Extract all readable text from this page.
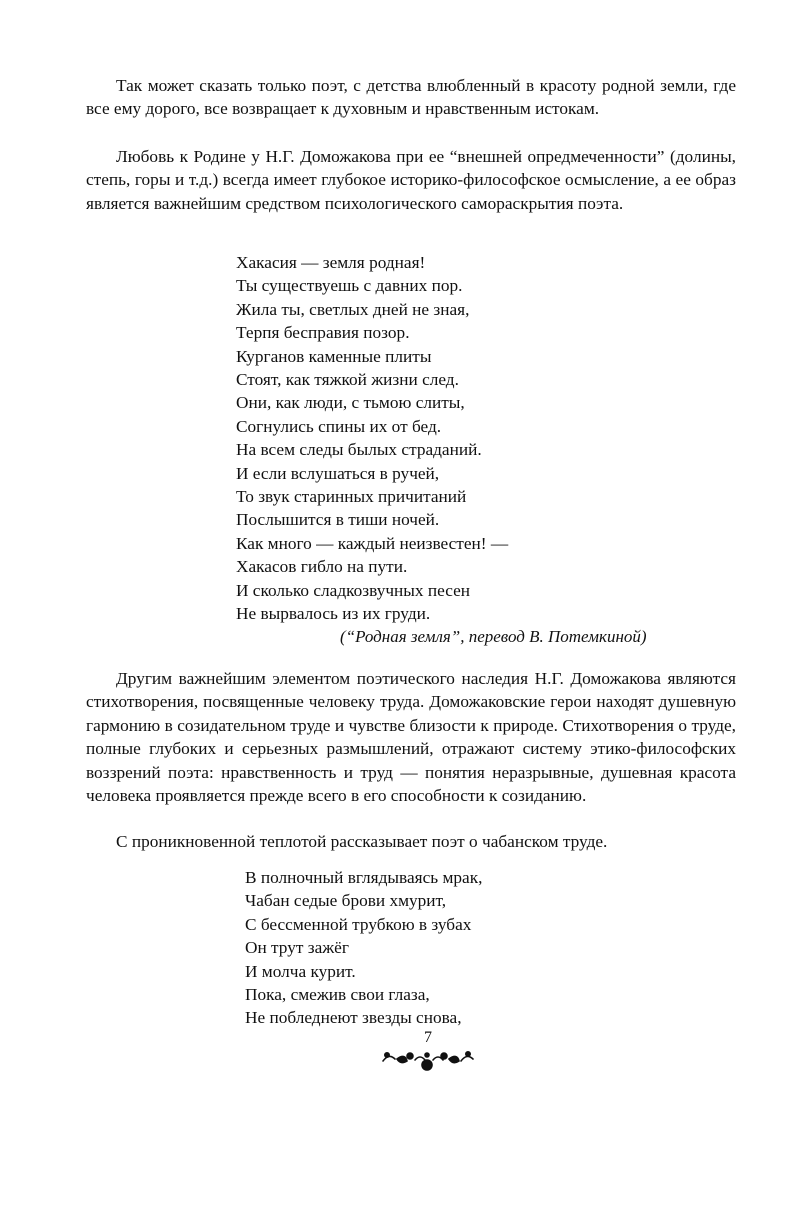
Так может сказать только поэт, с детства влюбленный в красоту родной земли, где все ему дорого, все возвращает к духовным и нравственным истокам.

Любовь к Родине у Н.Г. Доможакова при ее “внешней опредмеченности” (долины, степь, горы и т.д.) всегда имеет глубокое историко-философское осмысление, а ее образ является важнейшим средством психологического самораскрытия поэта.

Хакасия — земля родная!
Ты существуешь с давних пор.
Жила ты, светлых дней не зная,
Терпя бесправия позор.
Курганов каменные плиты
Стоят, как тяжкой жизни след.
Они, как люди, с тьмою слиты,
Согнулись спины их от бед.
На всем следы былых страданий.
И если вслушаться в ручей,
То звук старинных причитаний
Послышится в тиши ночей.
Как много — каждый неизвестен! —
Хакасов гибло на пути.
И сколько сладкозвучных песен
Не вырвалось из их груди.
(“Родная земля”, перевод В. Потемкиной)

Другим важнейшим элементом поэтического наследия Н.Г. Доможакова являются стихотворения, посвященные человеку труда. Доможаковские герои находят душевную гармонию в созидательном труде и чувстве близости к природе. Стихотворения о труде, полные глубоких и серьезных размышлений, отражают систему этико-философских воззрений поэта: нравственность и труд — понятия неразрывные, душевная красота человека проявляется прежде всего в его способности к созиданию.

С проникновенной теплотой рассказывает поэт о чабанском труде.

В полночный вглядываясь мрак,
Чабан седые брови хмурит,
С бессменной трубкою в зубах
Он трут зажёг
И молча курит.
Пока, смежив свои глаза,
Не побледнеют звезды снова,
7
